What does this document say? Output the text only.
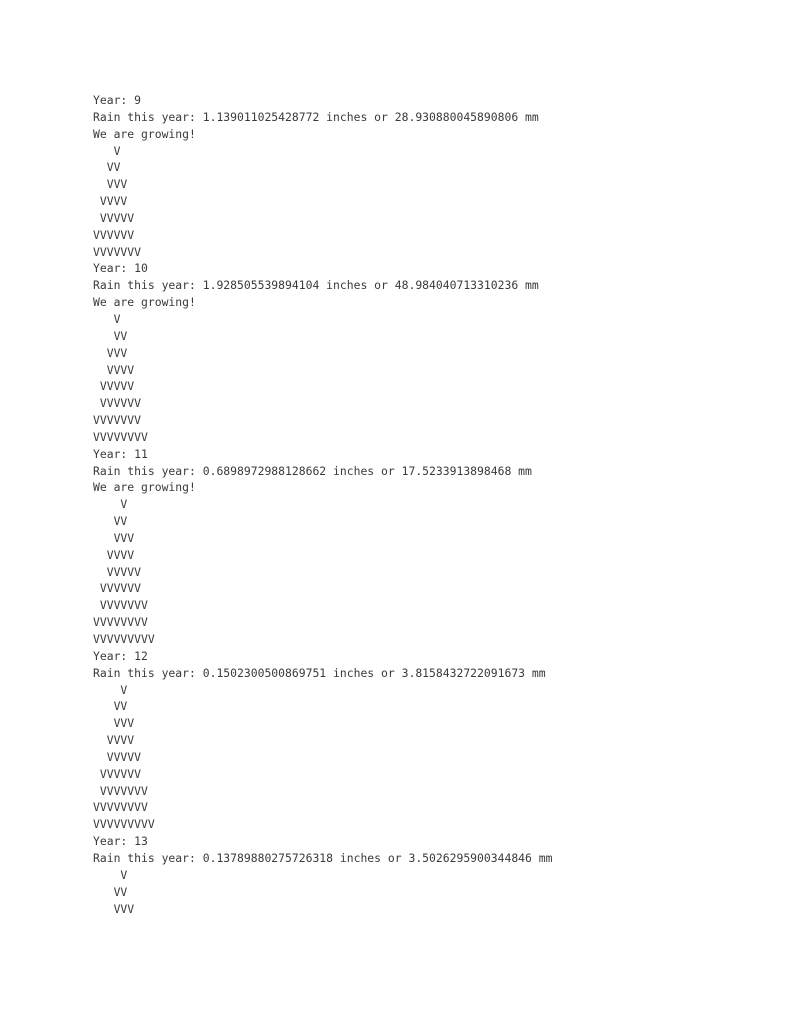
Year: 9
Rain this year: 1.139011025428772 inches or 28.930880045890806 mm
We are growing!
V
VV
VVV
VVVV
VVVVV
VVVVVV
VVVVVVV
Year: 10
Rain this year: 1.928505539894104 inches or 48.984040713310236 mm
We are growing!
V
VV
VVV
VVVV
VVVVV
VVVVVV
VVVVVVV
VVVVVVVV
Year: 11
Rain this year: 0.6898972988128662 inches or 17.5233913898468 mm
We are growing!
V
VV
VVV
VVVV
VVVVV
VVVVVV
VVVVVVV
VVVVVVVV
VVVVVVVVV
Year: 12
Rain this year: 0.1502300500869751 inches or 3.8158432722091673 mm
V
VV
VVV
VVVV
VVVVV
VVVVVV
VVVVVVV
VVVVVVVV
VVVVVVVVV
Year: 13
Rain this year: 0.13789880275726318 inches or 3.5026295900344846 mm
V
VV
VVV
